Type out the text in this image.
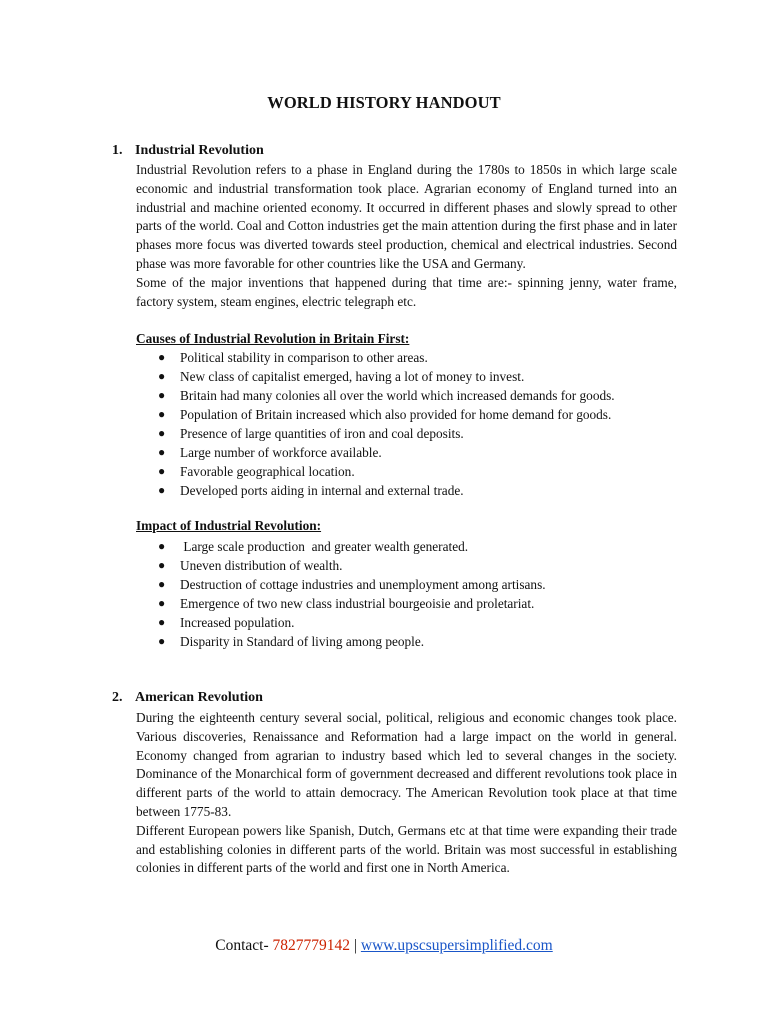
WORLD HISTORY HANDOUT
1. Industrial Revolution

Industrial Revolution refers to a phase in England during the 1780s to 1850s in which large scale economic and industrial transformation took place. Agrarian economy of England turned into an industrial and machine oriented economy. It occurred in different phases and slowly spread to other parts of the world. Coal and Cotton industries get the main attention during the first phase and in later phases more focus was diverted towards steel production, chemical and electrical industries. Second phase was more favorable for other countries like the USA and Germany.

Some of the major inventions that happened during that time are:- spinning jenny, water frame, factory system, steam engines, electric telegraph etc.

Causes of Industrial Revolution in Britain First:
● Political stability in comparison to other areas.
● New class of capitalist emerged, having a lot of money to invest.
● Britain had many colonies all over the world which increased demands for goods.
● Population of Britain increased which also provided for home demand for goods.
● Presence of large quantities of iron and coal deposits.
● Large number of workforce available.
● Favorable geographical location.
● Developed ports aiding in internal and external trade.
Impact of Industrial Revolution:
● Large scale production  and greater wealth generated.
● Uneven distribution of wealth.
● Destruction of cottage industries and unemployment among artisans.
● Emergence of two new class industrial bourgeoisie and proletariat.
● Increased population.
● Disparity in Standard of living among people.
2. American Revolution

During the eighteenth century several social, political, religious and economic changes took place. Various discoveries, Renaissance and Reformation had a large impact on the world in general. Economy changed from agrarian to industry based which led to several changes in the society. Dominance of the Monarchical form of government decreased and different revolutions took place in different parts of the world to attain democracy. The American Revolution took place at that time between 1775-83.

Different European powers like Spanish, Dutch, Germans etc at that time were expanding their trade and establishing colonies in different parts of the world. Britain was most successful in establishing colonies in different parts of the world and first one in North America.

Contact- 7827779142 | www.upscsupersimplified.com
